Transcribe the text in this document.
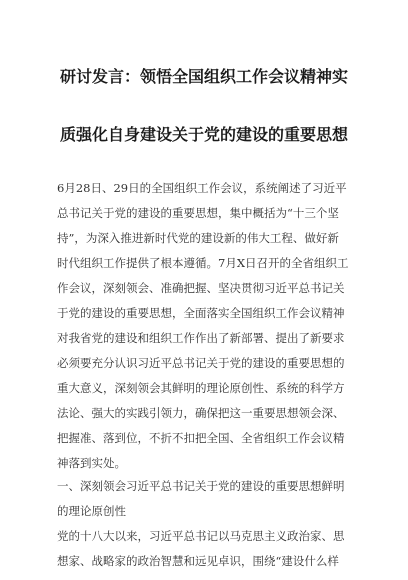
研讨发言：领悟全国组织工作会议精神实
质强化自身建设关于党的建设的重要思想
6月28日、29日的全国组织工作会议，系统阐述了习近平
总书记关于党的建设的重要思想，集中概括为“十三个坚
持”，为深入推进新时代党的建设新的伟大工程、做好新
时代组织工作提供了根本遵循。7月X日召开的全省组织工
作会议，深刻领会、准确把握、坚决贯彻习近平总书记关
于党的建设的重要思想，全面落实全国组织工作会议精神
对我省党的建设和组织工作作出了新部署、提出了新要求
必须要充分认识习近平总书记关于党的建设的重要思想的
重大意义，深刻领会其鲜明的理论原创性、系统的科学方
法论、强大的实践引领力，确保把这一重要思想领会深、
把握准、落到位，不折不扣把全国、全省组织工作会议精
神落到实处。
一、深刻领会习近平总书记关于党的建设的重要思想鲜明
的理论原创性
党的十八大以来，习近平总书记以马克思主义政治家、思
想家、战略家的政治智慧和远见卓识，围绕“建设什么样
